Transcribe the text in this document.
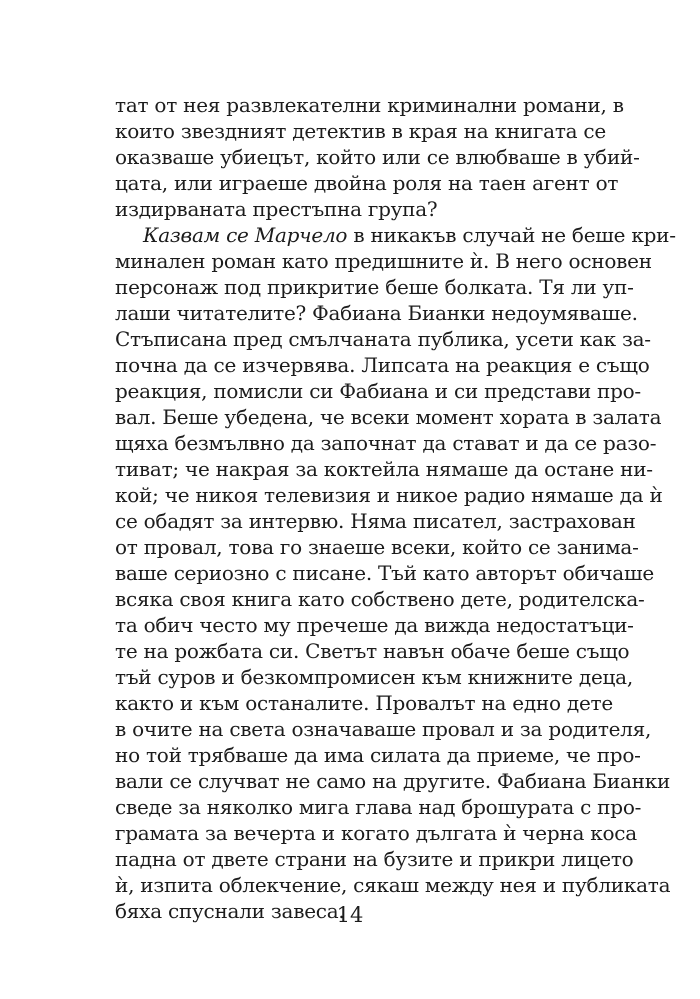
тат от нея развлекателни криминални романи, в
които звездният детектив в края на книгата се
оказваше убиецът, който или се влюбваше в убий-
цата, или играеше двойна роля на таен агент от
издирваната престъпна група?
Казвам се Марчело в никакъв случай не беше кри-
минален роман като предишните ѝ. В него основен
персонаж под прикритие беше болката. Тя ли уп-
лаши читателите? Фабиана Бианки недоумяваше.
Стъписана пред смълчаната публика, усети как за-
почна да се изчервява. Липсата на реакция е също
реакция, помисли си Фабиана и си представи про-
вал. Беше убедена, че всеки момент хората в залата
щяха безмълвно да започнат да стават и да се разо-
тиват; че накрая за коктейла нямаше да остане ни-
кой; че никоя телевизия и никое радио нямаше да ѝ
се обадят за интервю. Няма писател, застрахован
от провал, това го знаеше всеки, който се занима-
ваше сериозно с писане. Тъй като авторът обичаше
всяка своя книга като собствено дете, родителска-
та обич често му пречеше да вижда недостатъци-
те на рожбата си. Светът навън обаче беше също
тъй суров и безкомпромисен към книжните деца,
както и към останалите. Провалът на едно дете
в очите на света означаваше провал и за родителя,
но той трябваше да има силата да приеме, че про-
вали се случват не само на другите. Фабиана Бианки
сведе за няколко мига глава над брошурата с про-
грамата за вечерта и когато дългата ѝ черна коса
падна от двете страни на бузите и прикри лицето
ѝ, изпита облекчение, сякаш между нея и публиката
бяха спуснали завеса.
14
